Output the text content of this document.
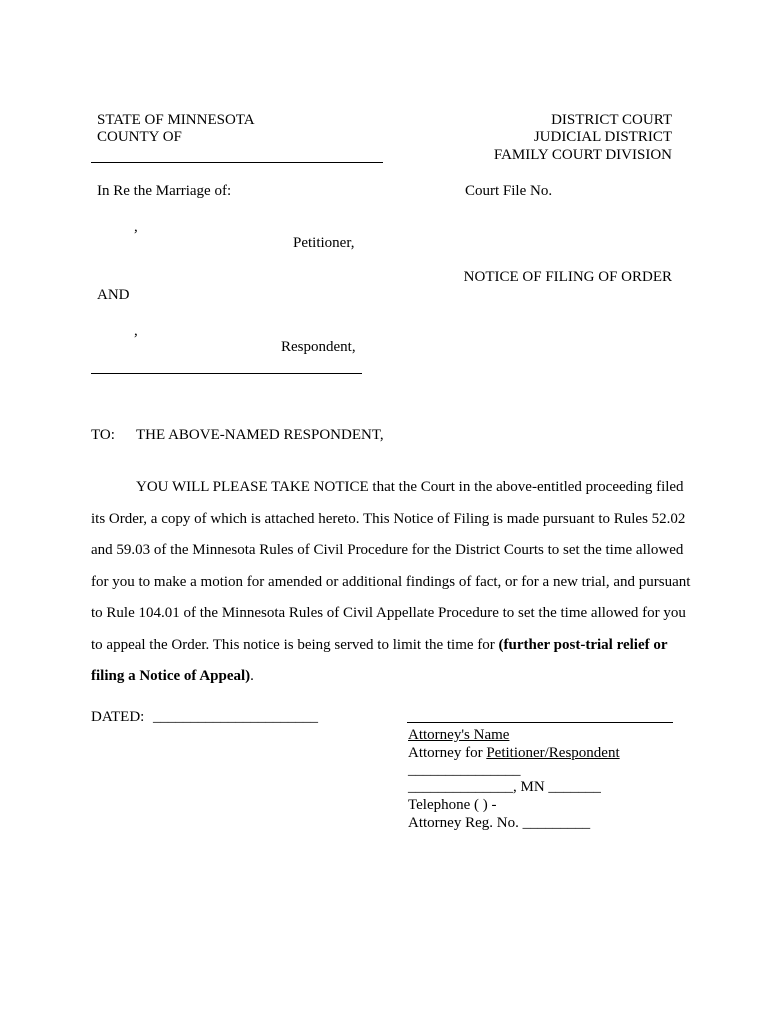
STATE OF MINNESOTA
COUNTY OF
DISTRICT COURT
JUDICIAL DISTRICT
FAMILY COURT DIVISION
In Re the Marriage of:	Court File No.
,
Petitioner,
NOTICE OF FILING OF ORDER
AND
,
Respondent,
TO: THE ABOVE-NAMED RESPONDENT,
YOU WILL PLEASE TAKE NOTICE that the Court in the above-entitled proceeding filed
its Order, a copy of which is attached hereto. This Notice of Filing is made pursuant to Rules 52.02
and 59.03 of the Minnesota Rules of Civil Procedure for the District Courts to set the time allowed
for you to make a motion for amended or additional findings of fact, or for a new trial, and pursuant
to Rule 104.01 of the Minnesota Rules of Civil Appellate Procedure to set the time allowed for you
to appeal the Order. This notice is being served to limit the time for (further post-trial relief or
filing a Notice of Appeal).
DATED: ______________________
Attorney's Name
Attorney for Petitioner/Respondent
_______________
______________, MN _______
Telephone ( ) -
Attorney Reg. No. _________
